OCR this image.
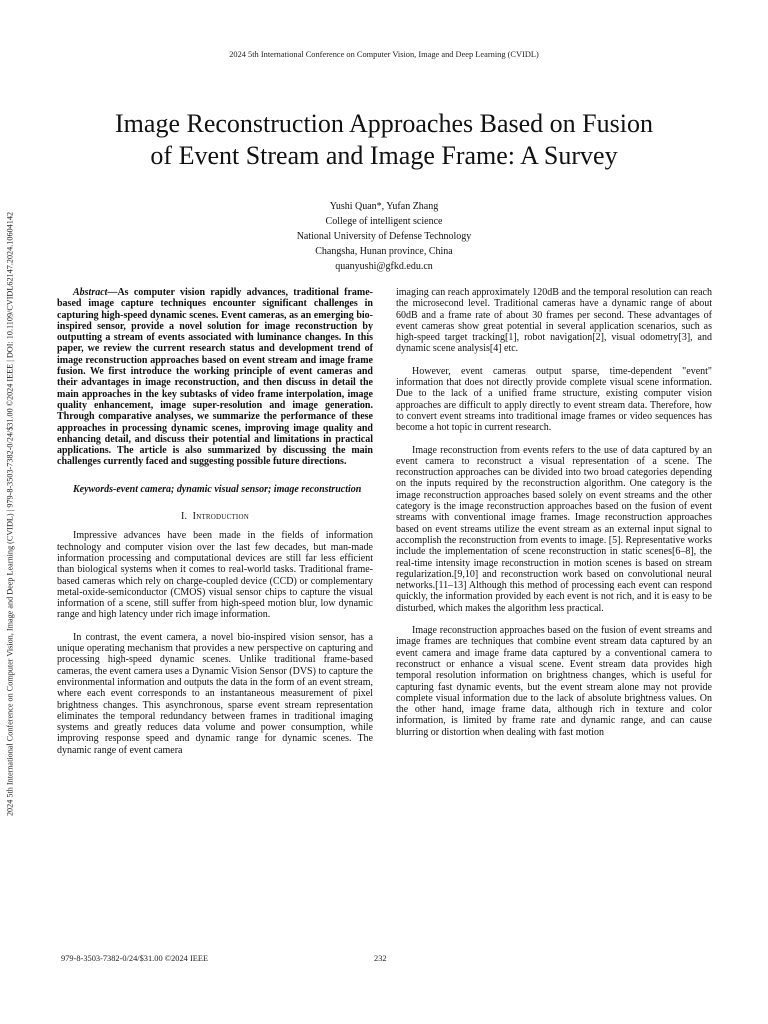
2024 5th International Conference on Computer Vision, Image and Deep Learning (CVIDL)
2024 5th International Conference on Computer Vision, Image and Deep Learning (CVIDL) | 979-8-3503-7382-0/24/$31.00 ©2024 IEEE | DOI: 10.1109/CVIDL62147.2024.10604142
Image Reconstruction Approaches Based on Fusion
of Event Stream and Image Frame: A Survey
Yushi Quan*, Yufan Zhang
College of intelligent science
National University of Defense Technology
Changsha, Hunan province, China
quanyushi@gfkd.edu.cn

Abstract—As computer vision rapidly advances, traditional frame-based image capture techniques encounter significant challenges in capturing high-speed dynamic scenes. Event cameras, as an emerging bio-inspired sensor, provide a novel solution for image reconstruction by outputting a stream of events associated with luminance changes. In this paper, we review the current research status and development trend of image reconstruction approaches based on event stream and image frame fusion. We first introduce the working principle of event cameras and their advantages in image reconstruction, and then discuss in detail the main approaches in the key subtasks of video frame interpolation, image quality enhancement, image super-resolution and image generation. Through comparative analyses, we summarize the performance of these approaches in processing dynamic scenes, improving image quality and enhancing detail, and discuss their potential and limitations in practical applications. The article is also summarized by discussing the main challenges currently faced and suggesting possible future directions.

Keywords-event camera; dynamic visual sensor; image reconstruction

I. Introduction

Impressive advances have been made in the fields of information technology and computer vision over the last few decades, but man-made information processing and computational devices are still far less efficient than biological systems when it comes to real-world tasks. Traditional frame-based cameras which rely on charge-coupled device (CCD) or complementary metal-oxide-semiconductor (CMOS) visual sensor chips to capture the visual information of a scene, still suffer from high-speed motion blur, low dynamic range and high latency under rich image information.

In contrast, the event camera, a novel bio-inspired vision sensor, has a unique operating mechanism that provides a new perspective on capturing and processing high-speed dynamic scenes. Unlike traditional frame-based cameras, the event camera uses a Dynamic Vision Sensor (DVS) to capture the environmental information and outputs the data in the form of an event stream, where each event corresponds to an instantaneous measurement of pixel brightness changes. This asynchronous, sparse event stream representation eliminates the temporal redundancy between frames in traditional imaging systems and greatly reduces data volume and power consumption, while improving response speed and dynamic range for dynamic scenes. The dynamic range of event camera

imaging can reach approximately 120dB and the temporal resolution can reach the microsecond level. Traditional cameras have a dynamic range of about 60dB and a frame rate of about 30 frames per second. These advantages of event cameras show great potential in several application scenarios, such as high-speed target tracking[1], robot navigation[2], visual odometry[3], and dynamic scene analysis[4] etc.

However, event cameras output sparse, time-dependent "event" information that does not directly provide complete visual scene information. Due to the lack of a unified frame structure, existing computer vision approaches are difficult to apply directly to event stream data. Therefore, how to convert event streams into traditional image frames or video sequences has become a hot topic in current research.

Image reconstruction from events refers to the use of data captured by an event camera to reconstruct a visual representation of a scene. The reconstruction approaches can be divided into two broad categories depending on the inputs required by the reconstruction algorithm. One category is the image reconstruction approaches based solely on event streams and the other category is the image reconstruction approaches based on the fusion of event streams with conventional image frames. Image reconstruction approaches based on event streams utilize the event stream as an external input signal to accomplish the reconstruction from events to image. [5]. Representative works include the implementation of scene reconstruction in static scenes[6–8], the real-time intensity image reconstruction in motion scenes is based on stream regularization.[9,10] and reconstruction work based on convolutional neural networks.[11–13] Although this method of processing each event can respond quickly, the information provided by each event is not rich, and it is easy to be disturbed, which makes the algorithm less practical.

Image reconstruction approaches based on the fusion of event streams and image frames are techniques that combine event stream data captured by an event camera and image frame data captured by a conventional camera to reconstruct or enhance a visual scene. Event stream data provides high temporal resolution information on brightness changes, which is useful for capturing fast dynamic events, but the event stream alone may not provide complete visual information due to the lack of absolute brightness values. On the other hand, image frame data, although rich in texture and color information, is limited by frame rate and dynamic range, and can cause blurring or distortion when dealing with fast motion

979-8-3503-7382-0/24/$31.00 ©2024 IEEE	232
